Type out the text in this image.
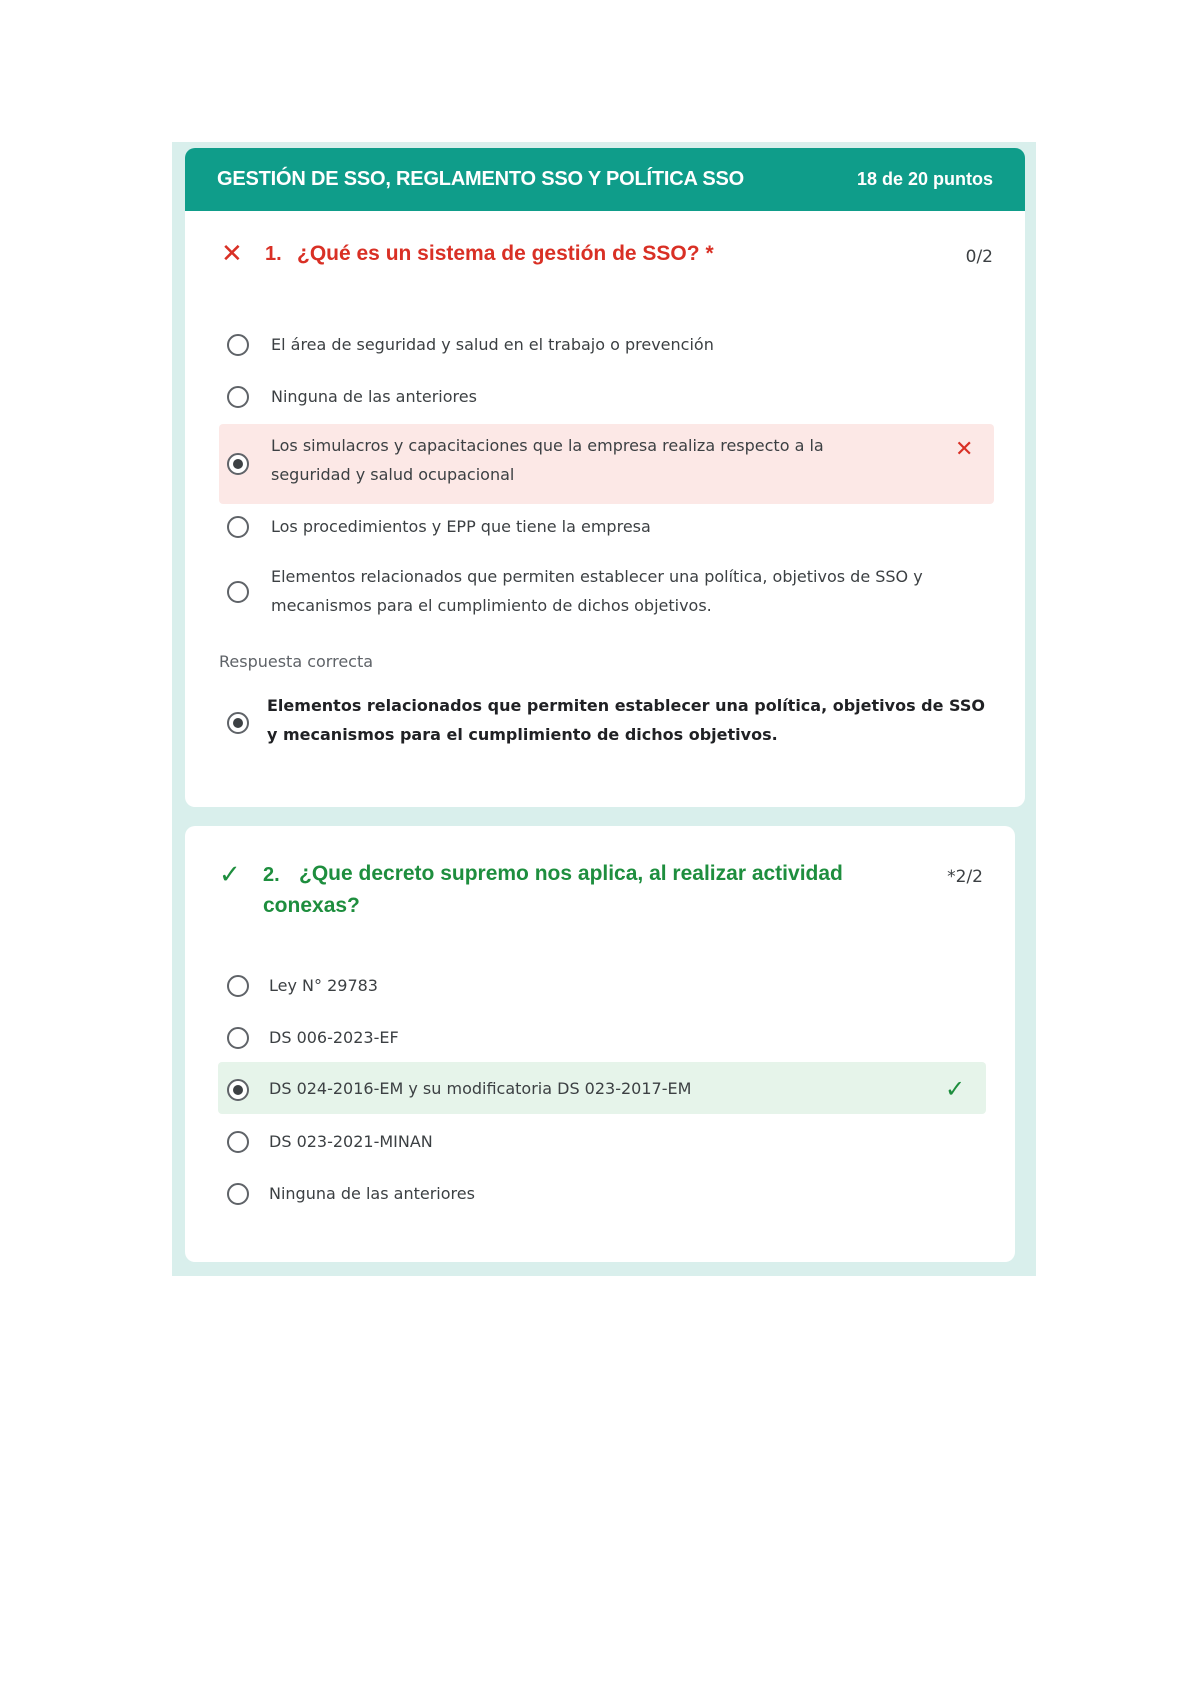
GESTIÓN DE SSO, REGLAMENTO SSO Y POLÍTICA SSO	18 de 20 puntos
✕ 1. ¿Qué es un sistema de gestión de SSO? *	0/2
El área de seguridad y salud en el trabajo o prevención
Ninguna de las anteriores
Los simulacros y capacitaciones que la empresa realiza respecto a la seguridad y salud ocupacional
✕
Los procedimientos y EPP que tiene la empresa
Elementos relacionados que permiten establecer una política, objetivos de SSO y mecanismos para el cumplimiento de dichos objetivos.
Respuesta correcta
Elementos relacionados que permiten establecer una política, objetivos de SSO y mecanismos para el cumplimiento de dichos objetivos.
✓ 2. ¿Que decreto supremo nos aplica, al realizar actividad conexas?
*2/2
Ley N° 29783
DS 006-2023-EF
DS 024-2016-EM y su modificatoria DS 023-2017-EM	✓
DS 023-2021-MINAN
Ninguna de las anteriores
